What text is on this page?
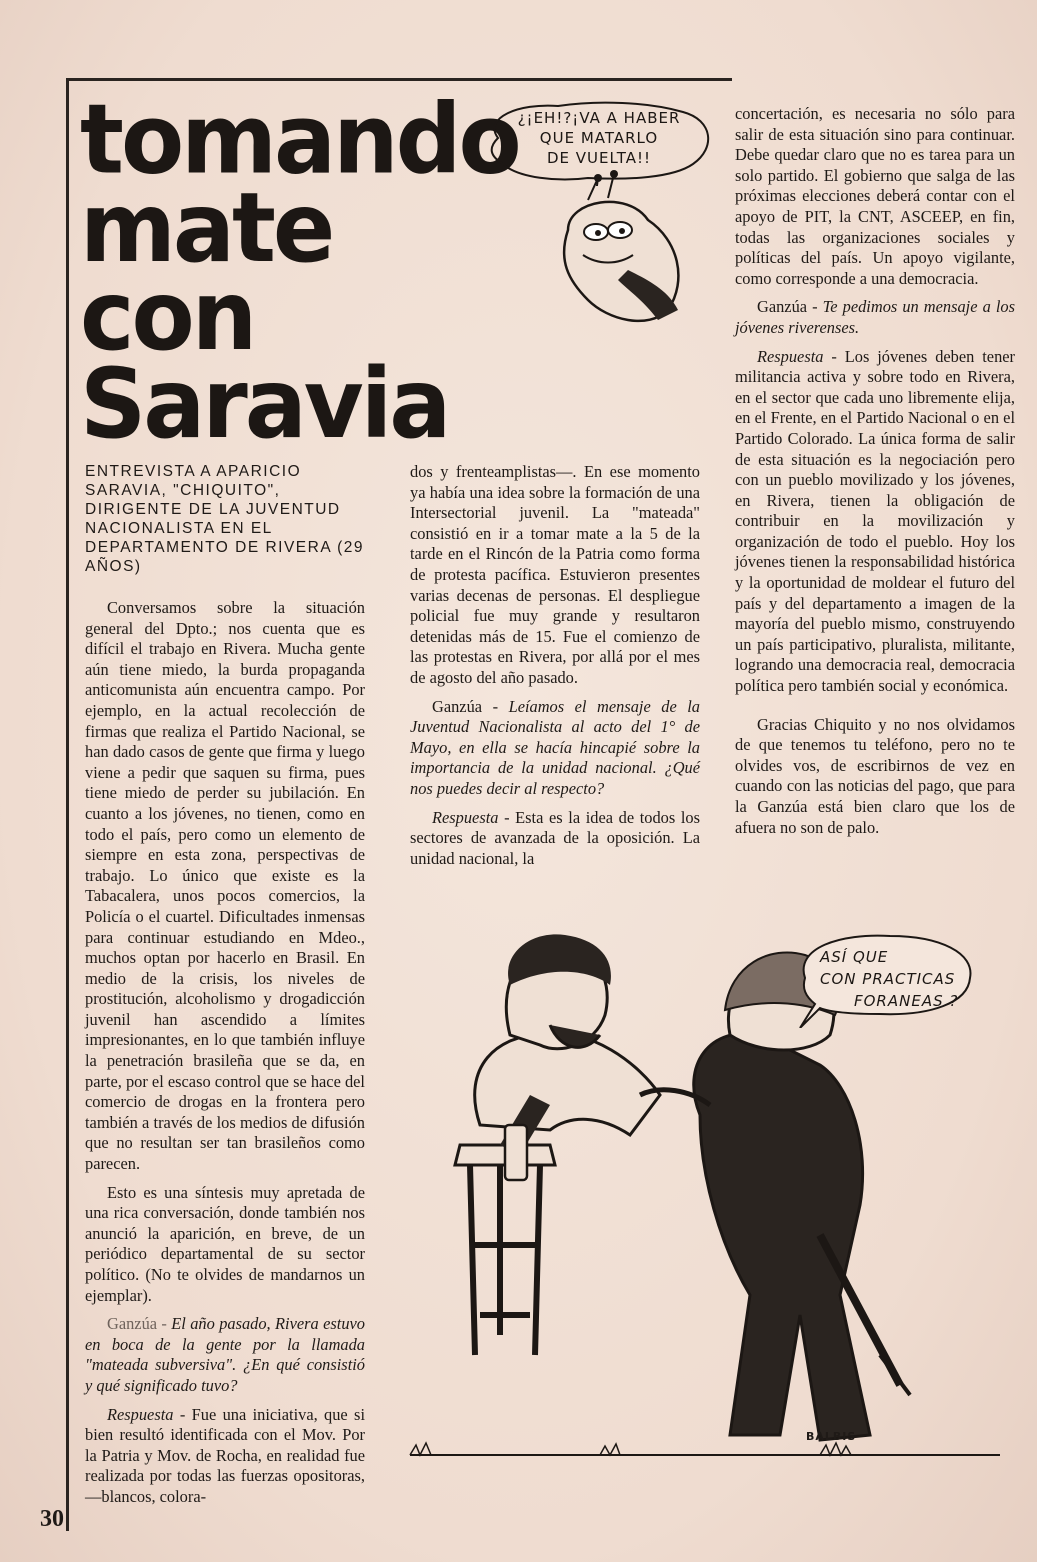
tomando
mate
con Saravia
¿¡EH!?¡VA A HABER
QUE MATARLO
DE VUELTA!!
ENTREVISTA A APARICIO SARAVIA, "CHIQUITO", DIRIGENTE DE LA JUVENTUD NACIONALISTA EN EL DEPARTAMENTO DE RIVERA (29 AÑOS)

Conversamos sobre la situación general del Dpto.; nos cuenta que es difícil el trabajo en Rivera. Mucha gente aún tiene miedo, la burda propaganda anticomunista aún encuentra campo. Por ejemplo, en la actual recolección de firmas que realiza el Partido Nacional, se han dado casos de gente que firma y luego viene a pedir que saquen su firma, pues tiene miedo de perder su jubilación. En cuanto a los jóvenes, no tienen, como en todo el país, pero como un elemento de siempre en esta zona, perspectivas de trabajo. Lo único que existe es la Tabacalera, unos pocos comercios, la Policía o el cuartel. Dificultades inmensas para continuar estudiando en Mdeo., muchos optan por hacerlo en Brasil. En medio de la crisis, los niveles de prostitución, alcoholismo y drogadicción juvenil han ascendido a límites impresionantes, en lo que también influye la penetración brasileña que se da, en parte, por el escaso control que se hace del comercio de drogas en la frontera pero también a través de los medios de difusión que no resultan ser tan brasileños como parecen.

Esto es una síntesis muy apretada de una rica conversación, donde también nos anunció la aparición, en breve, de un periódico departamental de su sector político. (No te olvides de mandarnos un ejemplar).

Ganzúa - El año pasado, Rivera estuvo en boca de la gente por la llamada "mateada subversiva". ¿En qué consistió y qué significado tuvo?

Respuesta - Fue una iniciativa, que si bien resultó identificada con el Mov. Por la Patria y Mov. de Rocha, en realidad fue realizada por todas las fuerzas opositoras, —blancos, colora-

dos y frenteamplistas—. En ese momento ya había una idea sobre la formación de una Intersectorial juvenil. La "mateada" consistió en ir a tomar mate a la 5 de la tarde en el Rincón de la Patria como forma de protesta pacífica. Estuvieron presentes varias decenas de personas. El despliegue policial fue muy grande y resultaron detenidas más de 15. Fue el comienzo de las protestas en Rivera, por allá por el mes de agosto del año pasado.

Ganzúa - Leíamos el mensaje de la Juventud Nacionalista al acto del 1° de Mayo, en ella se hacía hincapié sobre la importancia de la unidad nacional. ¿Qué nos puedes decir al respecto?

Respuesta - Esta es la idea de todos los sectores de avanzada de la oposición. La unidad nacional, la

concertación, es necesaria no sólo para salir de esta situación sino para continuar. Debe quedar claro que no es tarea para un solo partido. El gobierno que salga de las próximas elecciones deberá contar con el apoyo de PIT, la CNT, ASCEEP, en fin, todas las organizaciones sociales y políticas del país. Un apoyo vigilante, como corresponde a una democracia.

Ganzúa - Te pedimos un mensaje a los jóvenes riverenses.

Respuesta - Los jóvenes deben tener militancia activa y sobre todo en Rivera, en el sector que cada uno libremente elija, en el Frente, en el Partido Nacional o en el Partido Colorado. La única forma de salir de esta situación es la negociación pero con un pueblo movilizado y los jóvenes, en Rivera, tienen la obligación de contribuir en la movilización y organización de todo el pueblo. Hoy los jóvenes tienen la responsabilidad histórica y la oportunidad de moldear el futuro del país y del departamento a imagen de la mayoría del pueblo mismo, construyendo un país participativo, pluralista, militante, logrando una democracia real, democracia política pero también social y económica.

Gracias Chiquito y no nos olvidamos de que tenemos tu teléfono, pero no te olvides vos, de escribirnos de vez en cuando con las noticias del pago, que para la Ganzúa está bien claro que los de afuera no son de palo.

ASÍ QUE
CON PRACTICAS
FORANEAS ?
BALBIS
30
